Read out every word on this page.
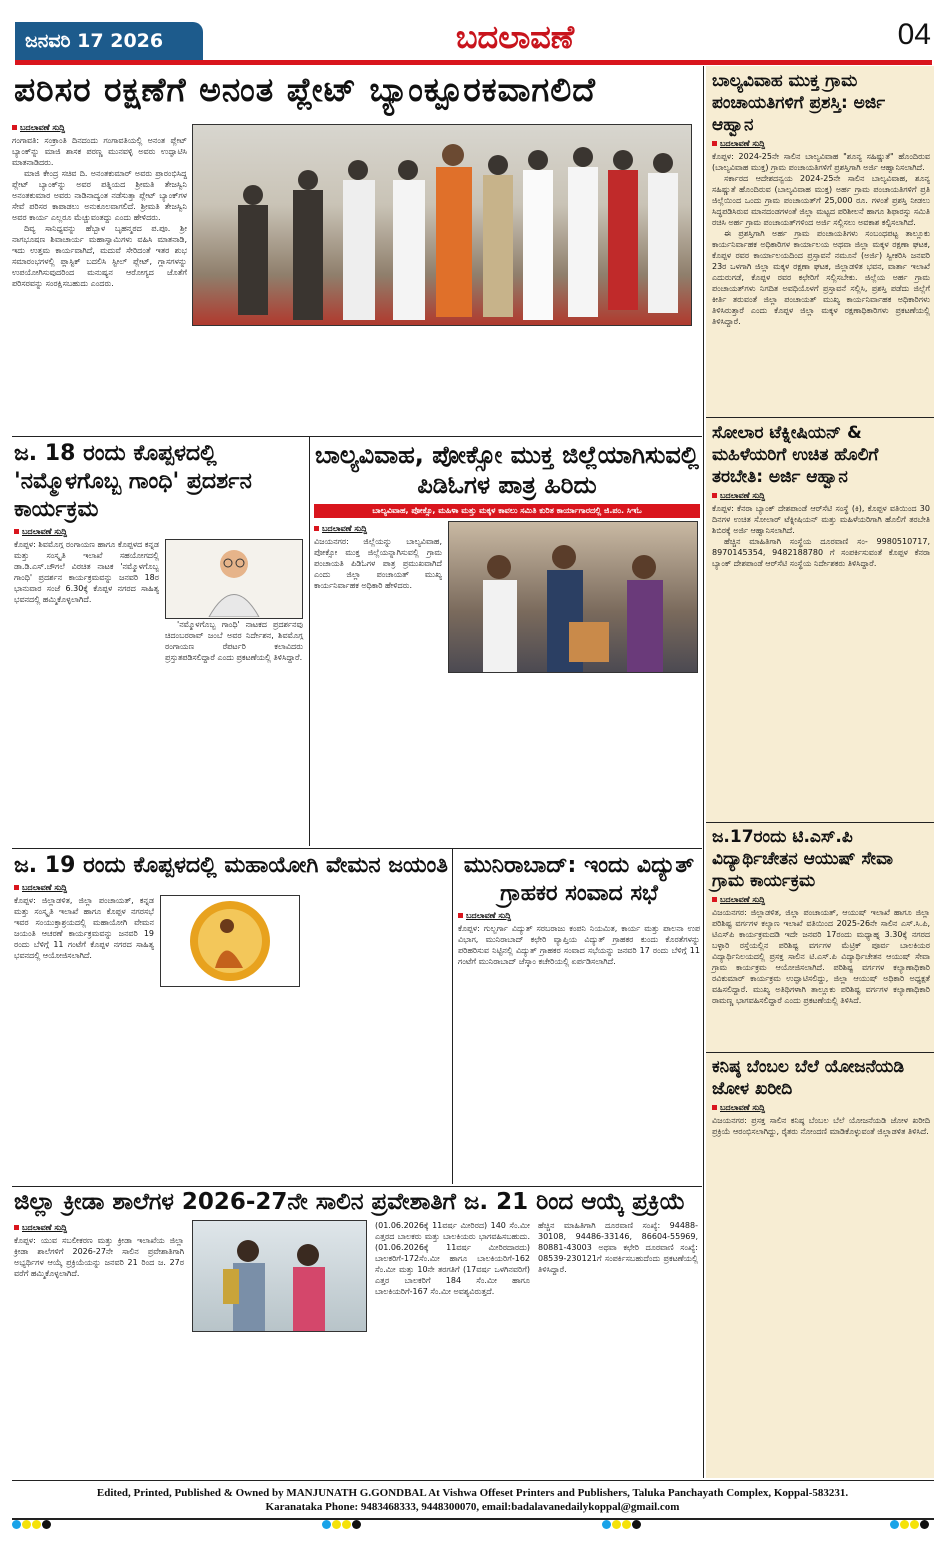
ಜನವರಿ 17 2026	ಬದಲಾವಣೆ	04
ಪರಿಸರ ರಕ್ಷಣೆಗೆ ಅನಂತ ಪ್ಲೇಟ್ ಬ್ಯಾಂಕ್ಪೂರಕವಾಗಲಿದೆ
ಬದಲಾವಣೆ ಸುದ್ದಿ

ಗಂಗಾವತಿ: ಸಂಕ್ರಾಂತಿ ದಿನದಂದು ಗಂಗಾವತಿಯಲ್ಲಿ ಅನಂತ ಪ್ಲೇಟ್ ಬ್ಯಾಂಕ್‌ನ್ನು ಮಾಜಿ ಶಾಸಕ ಪರಣ್ಣ ಮುನವಳ್ಳಿ ಅವರು ಉದ್ಘಾಟಿಸಿ ಮಾತನಾಡಿದರು.

ಮಾಜಿ ಕೇಂದ್ರ ಸಚಿವ ದಿ. ಅನಂತಕುಮಾರ್ ಅವರು ಪ್ರಾರಂಭಿಸಿದ್ದ ಪ್ಲೇಟ್ ಬ್ಯಾಂಕ್‌ನ್ನು ಅವರ ಪತ್ನಿಯದ ಶ್ರೀಮತಿ ತೇಜಸ್ವಿನಿ ಅನಂತಕುಮಾರ ಅವರು ನಾಡಿನಾದ್ಯಂತ ನಡೆಸುತ್ತಾ ಪ್ಲೇಟ್ ಬ್ಯಾಂಕ್‌ಗಳ ಸೇವೆ ಪರಿಸರ ಕಾಪಾಡಲು ಅನುಕೂಲವಾಗಲಿದೆ. ಶ್ರೀಮತಿ ತೇಜಸ್ವಿನಿ ಅವರ ಕಾರ್ಯ ಎಲ್ಲರೂ ಮೆಚ್ಚುವಂತದ್ದು ಎಂದು ಹೇಳಿದರು.

ದಿವ್ಯ ಸಾನಿಧ್ಯವನ್ನು ಹೆಬ್ಬಾಳ ಬೃಹನ್ಮಠದ ಪ.ಪೂ. ಶ್ರೀ ನಾಗಭೂಷಣ ಶಿವಾಚಾರ್ಯ ಮಹಾಸ್ವಾಮಿಗಳು ವಹಿಸಿ ಮಾತನಾಡಿ, ಇದು ಉತ್ತಮ ಕಾರ್ಯವಾಗಿದೆ, ಮದುವೆ ಸೇರಿದಂತೆ ಇತರ ಶುಭ ಸಮಾರಂಭಗಳಲ್ಲಿ ಪ್ಲಾಸ್ಟಿಕ್ ಬದಲಿಸಿ ಸ್ಟೀಲ್ ಪ್ಲೇಟ್, ಗ್ಲಾಸಗಳನ್ನು ಉಪಯೋಗಿಸುವುದರಿಂದ ಮನುಷ್ಯನ ಆರೋಗ್ಯದ ಜೊತೆಗೆ ಪರಿಸರವನ್ನು ಸಂರಕ್ಷಿಸಬಹುದು ಎಂದರು.

ಬಾಲ್ಯವಿವಾಹ ಮುಕ್ತ ಗ್ರಾಮ ಪಂಚಾಯತಿಗಳಿಗೆ ಪ್ರಶಸ್ತಿ: ಅರ್ಜಿ ಆಹ್ವಾನ
ಬದಲಾವಣೆ ಸುದ್ದಿ

ಕೊಪ್ಪಳ: 2024-25ನೇ ಸಾಲಿನ ಬಾಲ್ಯವಿವಾಹ "ಶೂನ್ಯ ಸಹಿಷ್ಣುತೆ" ಹೊಂದಿರುವ (ಬಾಲ್ಯವಿವಾಹ ಮುಕ್ತ) ಗ್ರಾಮ ಪಂಚಾಯತಿಗಳಿಗೆ ಪ್ರಶಸ್ತಿಗಾಗಿ ಅರ್ಜಿ ಆಹ್ವಾನಿಸಲಾಗಿದೆ.

ಸರ್ಕಾರದ ಆದೇಶದನ್ವಯ 2024-25ನೇ ಸಾಲಿನ ಬಾಲ್ಯವಿವಾಹ, ಶೂನ್ಯ ಸಹಿಷ್ಣುತೆ ಹೊಂದಿರುವ (ಬಾಲ್ಯವಿವಾಹ ಮುಕ್ತ) ಅರ್ಹ ಗ್ರಾಮ ಪಂಚಾಯತಿಗಳಿಗೆ ಪ್ರತಿ ಜಿಲ್ಲೆಯಿಂದ ಒಂದು ಗ್ರಾಮ ಪಂಚಾಯತ್‌ಗೆ 25,000 ರೂ. ಗಳಂತೆ ಪ್ರಶಸ್ತಿ ನೀಡಲು ಸಿದ್ಧಪಡಿಸಿರುವ ಮಾನದಂಡಗಳಂತೆ ಜಿಲ್ಲಾ ಮಟ್ಟದ ಪರಿಶೀಲನೆ ಹಾಗೂ ಶಿಫಾರಸ್ಸು ಸಮಿತಿ ರಚಿಸಿ ಅರ್ಹ ಗ್ರಾಮ ಪಂಚಾಯತ್‌ಗಳಿಂದ ಅರ್ಜಿ ಸಲ್ಲಿಸಲು ಅವಕಾಶ ಕಲ್ಪಿಸಲಾಗಿದೆ.

ಈ ಪ್ರಶಸ್ತಿಗಾಗಿ ಅರ್ಹ ಗ್ರಾಮ ಪಂಚಾಯತಿಗಳು ಸಂಬಂಧಪಟ್ಟ ತಾಲ್ಲೂಕು ಕಾರ್ಯನಿರ್ವಾಹಕ ಅಧಿಕಾರಿಗಳ ಕಾರ್ಯಾಲಯ ಅಥವಾ ಜಿಲ್ಲಾ ಮಕ್ಕಳ ರಕ್ಷಣಾ ಘಟಕ, ಕೊಪ್ಪಳ ರವರ ಕಾರ್ಯಾಲಯದಿಂದ ಪ್ರಸ್ತಾವನೆ ನಮೂನೆ (ಅರ್ಜಿ) ಸ್ವೀಕರಿಸಿ ಜನವರಿ 23ರ ಒಳಗಾಗಿ ಜಿಲ್ಲಾ ಮಕ್ಕಳ ರಕ್ಷಣಾ ಘಟಕ, ಜಿಲ್ಲಾಡಳಿತ ಭವನ, ವಾರ್ತಾ ಇಲಾಖೆ ಎದುರುಗಡೆ, ಕೊಪ್ಪಳ ರವರ ಕಛೇರಿಗೆ ಸಲ್ಲಿಸಬೇಕು. ಜಿಲ್ಲೆಯ ಅರ್ಹ ಗ್ರಾಮ ಪಂಚಾಯತ್‌ಗಳು ನಿಗದಿತ ಅವಧಿಯೊಳಗೆ ಪ್ರಸ್ತಾವನೆ ಸಲ್ಲಿಸಿ, ಪ್ರಶಸ್ತಿ ಪಡೆದು ಜಿಲ್ಲೆಗೆ ಕೀರ್ತಿ ತರುವಂತೆ ಜಿಲ್ಲಾ ಪಂಚಾಯತ್ ಮುಖ್ಯ ಕಾರ್ಯನಿರ್ವಾಹಕ ಅಧಿಕಾರಿಗಳು ತಿಳಿಸಿರುತ್ತಾರೆ ಎಂದು ಕೊಪ್ಪಳ ಜಿಲ್ಲಾ ಮಕ್ಕಳ ರಕ್ಷಣಾಧಿಕಾರಿಗಳು ಪ್ರಕಟಣೆಯಲ್ಲಿ ತಿಳಿಸಿದ್ದಾರೆ.

ಸೋಲಾರ ಟೆಕ್ನೀಷಿಯನ್ & ಮಹಿಳೆಯರಿಗೆ ಉಚಿತ ಹೊಲಿಗೆ ತರಬೇತಿ: ಅರ್ಜಿ ಆಹ್ವಾನ
ಬದಲಾವಣೆ ಸುದ್ದಿ

ಕೊಪ್ಪಳ: ಕೆನರಾ ಬ್ಯಾಂಕ್ ದೇಶಪಾಂಡೆ ಆರ್‌ಸೆಟಿ ಸಂಸ್ಥೆ (ಕಿ), ಕೊಪ್ಪಳ ವತಿಯಿಂದ 30 ದಿನಗಳ ಉಚಿತ ಸೋಲಾರ್ ಟೆಕ್ನೀಷಿಯನ್ ಮತ್ತು ಮಹಿಳೆಯರಿಗಾಗಿ ಹೊಲಿಗೆ ತರಬೇತಿ ಶಿಬಿರಕ್ಕೆ ಅರ್ಜಿ ಆಹ್ವಾನಿಸಲಾಗಿದೆ.

ಹೆಚ್ಚಿನ ಮಾಹಿತಿಗಾಗಿ ಸಂಸ್ಥೆಯ ದೂರವಾಣಿ ಸಂ- 9980510717, 8970145354, 9482188780 ಗೆ ಸಂಪರ್ಕಿಸುವಂತೆ ಕೊಪ್ಪಳ ಕೆನರಾ ಬ್ಯಾಂಕ್ ದೇಶಪಾಂಡೆ ಆರ್‌ಸೆಟಿ ಸಂಸ್ಥೆಯ ನಿರ್ದೇಶಕರು ತಿಳಿಸಿದ್ದಾರೆ.

ಜ.17ರಂದು ಟಿ.ಎಸ್.ಪಿ ವಿದ್ಯಾರ್ಥಿಚೇತನ ಆಯುಷ್ ಸೇವಾ ಗ್ರಾಮ ಕಾರ್ಯಕ್ರಮ
ಬದಲಾವಣೆ ಸುದ್ದಿ

ವಿಜಯನಗರ: ಜಿಲ್ಲಾಡಳಿತ, ಜಿಲ್ಲಾ ಪಂಚಾಯತ್, ಆಯುಷ್ ಇಲಾಖೆ ಹಾಗೂ ಜಿಲ್ಲಾ ಪರಿಶಿಷ್ಟ ವರ್ಗಗಳ ಕಲ್ಯಾಣ ಇಲಾಖೆ ವತಿಯಿಂದ 2025-26ನೇ ಸಾಲಿನ ಎಸ್.ಸಿ.ಪಿ, ಟಿಎಸ್‌ಪಿ ಕಾರ್ಯಕ್ರಮದಡಿ ಇದೇ ಜನವರಿ 17ರಂದು ಮಧ್ಯಾಹ್ನ 3.30ಕ್ಕೆ ನಗರದ ಬಳ್ಳಾರಿ ರಸ್ತೆಯಲ್ಲಿನ ಪರಿಶಿಷ್ಟ ವರ್ಗಗಳ ಮೆಟ್ರಿಕ್ ಪೂರ್ವ ಬಾಲಕಿಯರ ವಿದ್ಯಾರ್ಥಿನಿಲಯದಲ್ಲಿ ಪ್ರಸಕ್ತ ಸಾಲಿನ ಟಿ.ಎಸ್.ಪಿ ವಿದ್ಯಾರ್ಥಿಚೇತನ ಆಯುಷ್ ಸೇವಾ ಗ್ರಾಮ ಕಾರ್ಯಕ್ರಮ ಆಯೋಜಿಸಲಾಗಿದೆ. ಪರಿಶಿಷ್ಟ ವರ್ಗಗಳ ಕಲ್ಯಾಣಾಧಿಕಾರಿ ರವಿಕುಮಾರ್ ಕಾರ್ಯಕ್ರಮ ಉದ್ಘಾಟಿಸಲಿದ್ದು, ಜಿಲ್ಲಾ ಆಯುಷ್ ಅಧಿಕಾರಿ ಅಧ್ಯಕ್ಷತೆ ವಹಿಸಲಿದ್ದಾರೆ. ಮುಖ್ಯ ಅತಿಥಿಗಳಾಗಿ ತಾಲ್ಲೂಕು ಪರಿಶಿಷ್ಟ ವರ್ಗಗಳ ಕಲ್ಯಾಣಾಧಿಕಾರಿ ರಾಮಣ್ಣ ಭಾಗವಹಿಸಲಿದ್ದಾರೆ ಎಂದು ಪ್ರಕಟಣೆಯಲ್ಲಿ ತಿಳಿಸಿದೆ.

ಕನಿಷ್ಠ ಬೆಂಬಲ ಬೆಲೆ ಯೋಜನೆಯಡಿ ಜೋಳ ಖರೀದಿ
ಬದಲಾವಣೆ ಸುದ್ದಿ

ವಿಜಯನಗರ: ಪ್ರಸಕ್ತ ಸಾಲಿನ ಕನಿಷ್ಠ ಬೆಂಬಲ ಬೆಲೆ ಯೋಜನೆಯಡಿ ಜೋಳ ಖರೀದಿ ಪ್ರಕ್ರಿಯೆ ಆರಂಭಿಸಲಾಗಿದ್ದು, ರೈತರು ನೋಂದಣಿ ಮಾಡಿಕೊಳ್ಳುವಂತೆ ಜಿಲ್ಲಾಡಳಿತ ತಿಳಿಸಿದೆ.

ಜ. 18 ರಂದು ಕೊಪ್ಪಳದಲ್ಲಿ 'ನಮ್ಮೊಳಗೊಬ್ಬ ಗಾಂಧಿ' ಪ್ರದರ್ಶನ ಕಾರ್ಯಕ್ರಮ
ಬದಲಾವಣೆ ಸುದ್ದಿ

ಕೊಪ್ಪಳ: ಶಿವಮೊಗ್ಗ ರಂಗಾಯಣ ಹಾಗೂ ಕೊಪ್ಪಳದ ಕನ್ನಡ ಮತ್ತು ಸಂಸ್ಕೃತಿ ಇಲಾಖೆ ಸಹಯೋಗದಲ್ಲಿ ಡಾ.ಡಿ.ಎಸ್.ಚೌಗಲೆ ವಿರಚಿತ ನಾಟಕ 'ನಮ್ಮೊಳಗೊಬ್ಬ ಗಾಂಧಿ' ಪ್ರದರ್ಶನ ಕಾರ್ಯಕ್ರಮವನ್ನು ಜನವರಿ 18ರ ಭಾನುವಾರ ಸಂಜೆ 6.30ಕ್ಕೆ ಕೊಪ್ಪಳ ನಗರದ ಸಾಹಿತ್ಯ ಭವನದಲ್ಲಿ ಹಮ್ಮಿಕೊಳ್ಳಲಾಗಿದೆ.

'ನಮ್ಮೊಳಗೊಬ್ಬ ಗಾಂಧಿ' ನಾಟಕದ ಪ್ರದರ್ಶನವು ಚಿದಂಬರರಾವ್ ಜಂಬೆ ಅವರ ನಿರ್ದೇಶನ, ಶಿವಮೊಗ್ಗ ರಂಗಾಯಣ ರೆಪರ್ಟರಿ ಕಲಾವಿದರು ಪ್ರಸ್ತುತಪಡಿಸಲಿದ್ದಾರೆ ಎಂದು ಪ್ರಕಟಣೆಯಲ್ಲಿ ತಿಳಿಸಿದ್ದಾರೆ.

ಬಾಲ್ಯವಿವಾಹ, ಪೋಕ್ಸೋ ಮುಕ್ತ ಜಿಲ್ಲೆಯಾಗಿಸುವಲ್ಲಿ ಪಿಡಿಓಗಳ ಪಾತ್ರ ಹಿರಿದು
ಬಾಲ್ಯವಿವಾಹ, ಪೋಕ್ಸೊ, ಮಹಿಳಾ ಮತ್ತು ಮಕ್ಕಳ ಕಾವಲು ಸಮಿತಿ ಕುರಿತ ಕಾರ್ಯಾಗಾರದಲ್ಲಿ ಜಿ.ಪಂ. ಸಿಇಓ
ಬದಲಾವಣೆ ಸುದ್ದಿ

ವಿಜಯನಗರ: ಜಿಲ್ಲೆಯನ್ನು ಬಾಲ್ಯವಿವಾಹ, ಪೋಕ್ಸೋ ಮುಕ್ತ ಜಿಲ್ಲೆಯನ್ನಾಗಿಸುವಲ್ಲಿ ಗ್ರಾಮ ಪಂಚಾಯತಿ ಪಿಡಿಓಗಳ ಪಾತ್ರ ಪ್ರಮುಖವಾಗಿದೆ ಎಂದು ಜಿಲ್ಲಾ ಪಂಚಾಯತ್ ಮುಖ್ಯ ಕಾರ್ಯನಿರ್ವಾಹಕ ಅಧಿಕಾರಿ ಹೇಳಿದರು.

ಜ. 19 ರಂದು ಕೊಪ್ಪಳದಲ್ಲಿ ಮಹಾಯೋಗಿ ವೇಮನ ಜಯಂತಿ
ಬದಲಾವಣೆ ಸುದ್ದಿ

ಕೊಪ್ಪಳ: ಜಿಲ್ಲಾಡಳಿತ, ಜಿಲ್ಲಾ ಪಂಚಾಯತ್, ಕನ್ನಡ ಮತ್ತು ಸಂಸ್ಕೃತಿ ಇಲಾಖೆ ಹಾಗೂ ಕೊಪ್ಪಳ ನಗರಸಭೆ ಇವರ ಸಂಯುಕ್ತಾಶ್ರಯದಲ್ಲಿ ಮಹಾಯೋಗಿ ವೇಮನ ಜಯಂತಿ ಆಚರಣೆ ಕಾರ್ಯಕ್ರಮವನ್ನು ಜನವರಿ 19 ರಂದು ಬೆಳಿಗ್ಗೆ 11 ಗಂಟೆಗೆ ಕೊಪ್ಪಳ ನಗರದ ಸಾಹಿತ್ಯ ಭವನದಲ್ಲಿ ಆಯೋಜಿಸಲಾಗಿದೆ.

ಮುನಿರಾಬಾದ್: ಇಂದು ವಿದ್ಯುತ್ ಗ್ರಾಹಕರ ಸಂವಾದ ಸಭೆ
ಬದಲಾವಣೆ ಸುದ್ದಿ

ಕೊಪ್ಪಳ: ಗುಲ್ಬರ್ಗಾ ವಿದ್ಯುತ್ ಸರಬರಾಜು ಕಂಪನಿ ನಿಯಮಿತ, ಕಾರ್ಯ ಮತ್ತು ಪಾಲನಾ ಉಪ ವಿಭಾಗ, ಮುನಿರಾಬಾದ್ ಕಛೇರಿ ವ್ಯಾಪ್ತಿಯ ವಿದ್ಯುತ್ ಗ್ರಾಹಕರ ಕುಂದು ಕೊರತೆಗಳನ್ನು ಪರಿಹರಿಸುವ ನಿಟ್ಟಿನಲ್ಲಿ ವಿದ್ಯುತ್ ಗ್ರಾಹಕರ ಸಂವಾದ ಸಭೆಯನ್ನು ಜನವರಿ 17 ರಂದು ಬೆಳಿಗ್ಗೆ 11 ಗಂಟೆಗೆ ಮುನಿರಾಬಾದ್ ಜೆಸ್ಕಾಂ ಕಚೇರಿಯಲ್ಲಿ ಏರ್ಪಡಿಸಲಾಗಿದೆ.

ಜಿಲ್ಲಾ ಕ್ರೀಡಾ ಶಾಲೆಗಳ 2026-27ನೇ ಸಾಲಿನ ಪ್ರವೇಶಾತಿಗೆ ಜ. 21 ರಿಂದ ಆಯ್ಕೆ ಪ್ರಕ್ರಿಯೆ
ಬದಲಾವಣೆ ಸುದ್ದಿ

ಕೊಪ್ಪಳ: ಯುವ ಸಬಲೀಕರಣ ಮತ್ತು ಕ್ರೀಡಾ ಇಲಾಖೆಯ ಜಿಲ್ಲಾ ಕ್ರೀಡಾ ಶಾಲೆಗಳಿಗೆ 2026-27ನೇ ಸಾಲಿನ ಪ್ರವೇಶಾತಿಗಾಗಿ ಅಭ್ಯರ್ಥಿಗಳ ಆಯ್ಕೆ ಪ್ರಕ್ರಿಯೆಯನ್ನು ಜನವರಿ 21 ರಿಂದ ಜ. 27ರ ವರೆಗೆ ಹಮ್ಮಿಕೊಳ್ಳಲಾಗಿದೆ.

(01.06.2026ಕ್ಕೆ 11ವರ್ಷ ಮೀರಿರದ) 140 ಸೆಂ.ಮೀ ಎತ್ತರದ ಬಾಲಕರು ಮತ್ತು ಬಾಲಕಿಯರು ಭಾಗವಹಿಸಬಹುದು. (01.06.2026ಕ್ಕೆ 11ವರ್ಷ ಮೀರಿರದಾರದು) ಬಾಲಕರಿಗೆ-172ಸೆಂ.ಮೀ ಹಾಗೂ ಬಾಲಕಿಯರಿಗೆ-162 ಸೆಂ.ಮೀ ಮತ್ತು 10ನೇ ತರಗತಿಗೆ (17ವರ್ಷ ಒಳಗಿನವರಿಗೆ) ಎತ್ತರ ಬಾಲಕರಿಗೆ 184 ಸೆಂ.ಮೀ ಹಾಗೂ ಬಾಲಕಿಯರಿಗೆ-167 ಸೆಂ.ಮೀ ಅವಶ್ಯವಿರುತ್ತದೆ.

ಹೆಚ್ಚಿನ ಮಾಹಿತಿಗಾಗಿ ದೂರವಾಣಿ ಸಂಖ್ಯೆ: 94488-30108, 94486-33146, 86604-55969, 80881-43003 ಅಥವಾ ಕಛೇರಿ ದೂರವಾಣಿ ಸಂಖ್ಯೆ: 08539-230121ಗೆ ಸಂಪರ್ಕಿಸಬಹುದೆಂದು ಪ್ರಕಟಣೆಯಲ್ಲಿ ತಿಳಿಸಿದ್ದಾರೆ.

Edited, Printed, Published & Owned by MANJUNATH G.GONDBAL At Vishwa Offeset Printers and Publishers, Taluka Panchayath Complex, Koppal-583231.
Karanataka Phone: 9483468333, 9448300070, email:badalavanedailykoppal@gmail.com
